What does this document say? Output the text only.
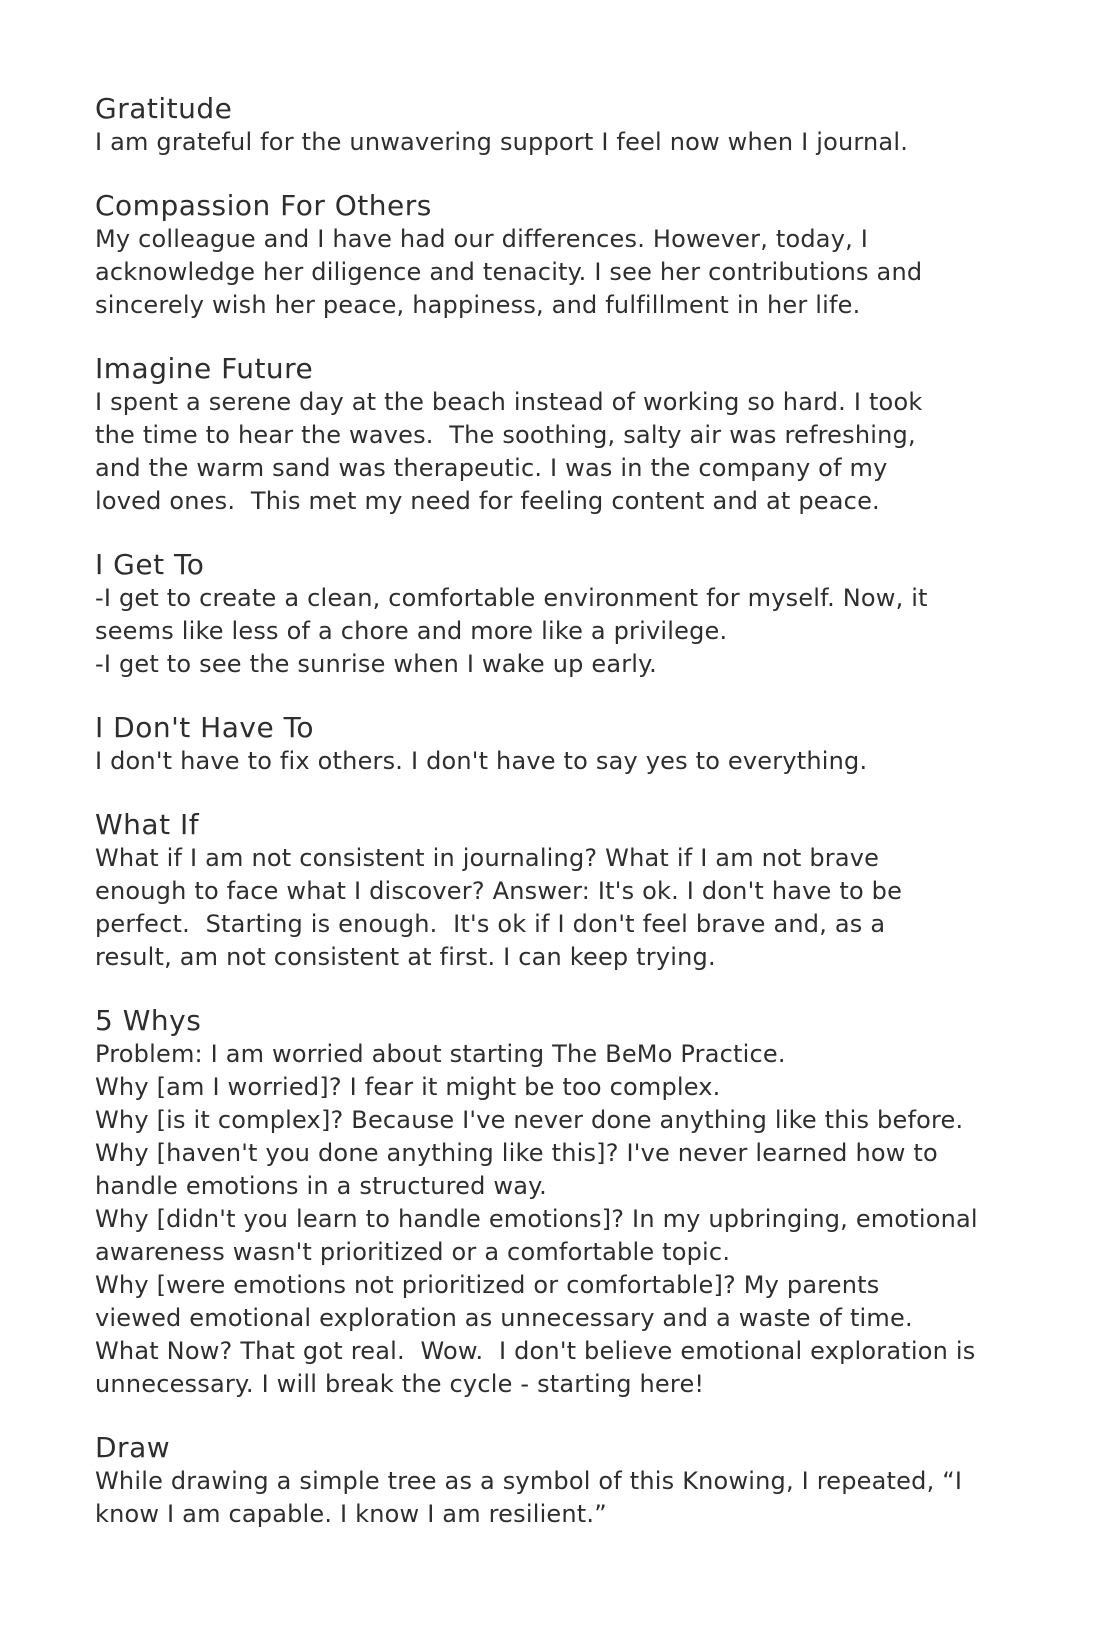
Gratitude
I am grateful for the unwavering support I feel now when I journal.
Compassion For Others
My colleague and I have had our differences. However, today, I
acknowledge her diligence and tenacity. I see her contributions and
sincerely wish her peace, happiness, and fulfillment in her life.
Imagine Future
I spent a serene day at the beach instead of working so hard. I took
the time to hear the waves.  The soothing, salty air was refreshing,
and the warm sand was therapeutic. I was in the company of my
loved ones.  This met my need for feeling content and at peace.
I Get To
-I get to create a clean, comfortable environment for myself. Now, it
seems like less of a chore and more like a privilege.
-I get to see the sunrise when I wake up early.
I Don't Have To
I don't have to fix others. I don't have to say yes to everything.
What If
What if I am not consistent in journaling? What if I am not brave
enough to face what I discover? Answer: It's ok. I don't have to be
perfect.  Starting is enough.  It's ok if I don't feel brave and, as a
result, am not consistent at first. I can keep trying.
5 Whys
Problem: I am worried about starting The BeMo Practice.
Why [am I worried]? I fear it might be too complex.
Why [is it complex]? Because I've never done anything like this before.
Why [haven't you done anything like this]? I've never learned how to
handle emotions in a structured way.
Why [didn't you learn to handle emotions]? In my upbringing, emotional
awareness wasn't prioritized or a comfortable topic.
Why [were emotions not prioritized or comfortable]? My parents
viewed emotional exploration as unnecessary and a waste of time.
What Now? That got real.  Wow.  I don't believe emotional exploration is
unnecessary. I will break the cycle - starting here!
Draw
While drawing a simple tree as a symbol of this Knowing, I repeated, “I
know I am capable. I know I am resilient.”
